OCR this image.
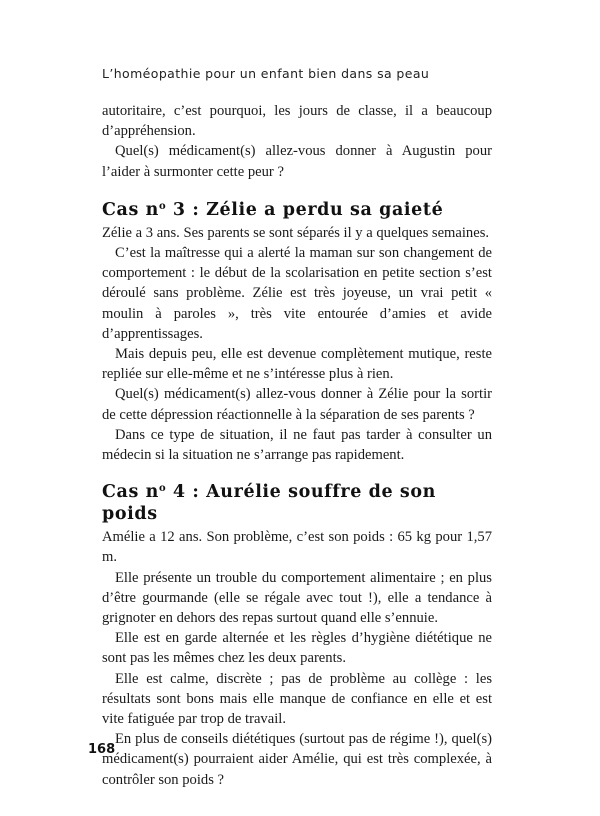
L’homéopathie pour un enfant bien dans sa peau

autoritaire, c’est pourquoi, les jours de classe, il a beaucoup d’appréhension.

Quel(s) médicament(s) allez-vous donner à Augustin pour l’aider à surmonter cette peur ?

Cas $n^o$ 3 : Zélie a perdu sa gaieté

Zélie a 3 ans. Ses parents se sont séparés il y a quelques semaines.

C’est la maîtresse qui a alerté la maman sur son changement de comportement : le début de la scolarisation en petite section s’est déroulé sans problème. Zélie est très joyeuse, un vrai petit « moulin à paroles », très vite entourée d’amies et avide d’apprentissages.

Mais depuis peu, elle est devenue complètement mutique, reste repliée sur elle-même et ne s’intéresse plus à rien.

Quel(s) médicament(s) allez-vous donner à Zélie pour la sortir de cette dépression réactionnelle à la séparation de ses parents ?

Dans ce type de situation, il ne faut pas tarder à consulter un médecin si la situation ne s’arrange pas rapidement.

Cas $n^o$ 4 : Aurélie souffre de son poids

Amélie a 12 ans. Son problème, c’est son poids : 65 kg pour 1,57 m.

Elle présente un trouble du comportement alimentaire ; en plus d’être gourmande (elle se régale avec tout !), elle a tendance à grignoter en dehors des repas surtout quand elle s’ennuie.

Elle est en garde alternée et les règles d’hygiène diététique ne sont pas les mêmes chez les deux parents.

Elle est calme, discrète ; pas de problème au collège : les résultats sont bons mais elle manque de confiance en elle et est vite fatiguée par trop de travail.

En plus de conseils diététiques (surtout pas de régime !), quel(s) médicament(s) pourraient aider Amélie, qui est très complexée, à contrôler son poids ?

168
